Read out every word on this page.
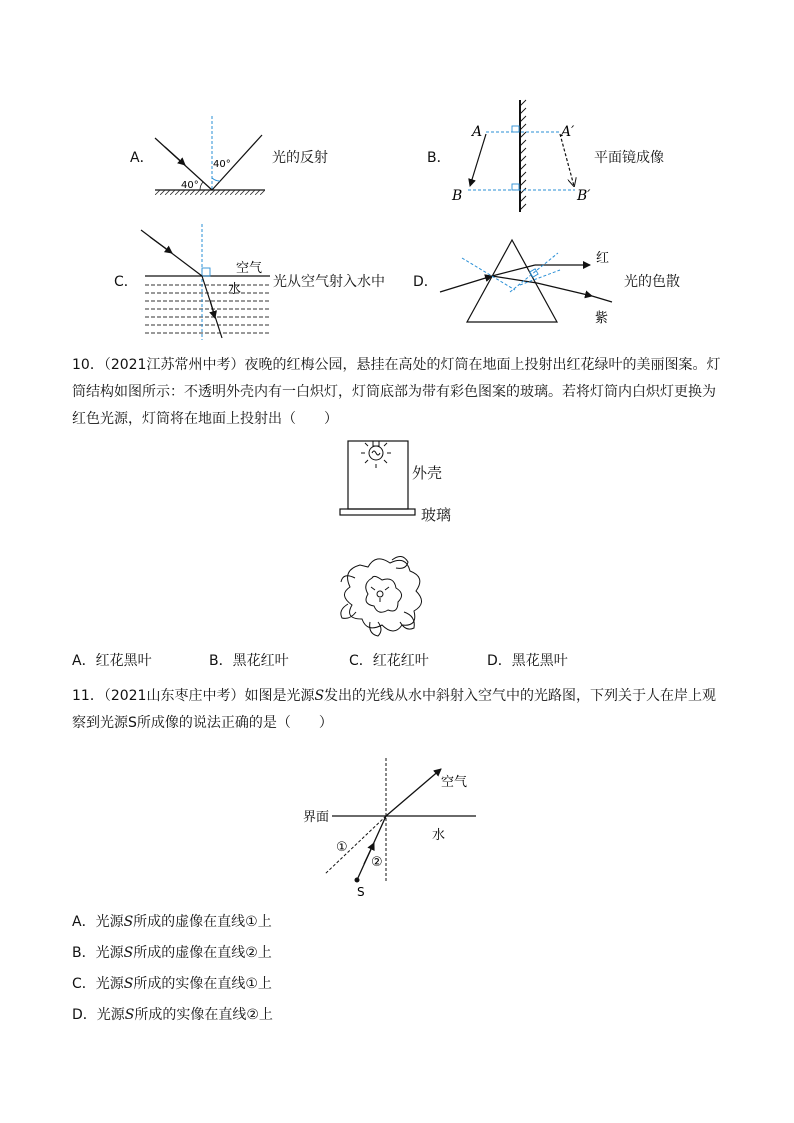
A．	40°
40°
A	A′
B	B′
空气
水
红
紫
界面
空气
水
①
②
S
光的反射	B．	平面镜成像
C．	光从空气射入水中 D．	光的色散
10．（2021江苏常州中考）夜晚的红梅公园，悬挂在高处的灯筒在地面上投射出红花绿叶的美丽图案。灯筒结构如图所示：不透明外壳内有一白炽灯，灯筒底部为带有彩色图案的玻璃。若将灯筒内白炽灯更换为红色光源，灯筒将在地面上投射出（　　）
外壳
玻璃
A．红花黑叶	B．黑花红叶	C．红花红叶	D．黑花黑叶
11．（2021山东枣庄中考）如图是光源S发出的光线从水中斜射入空气中的光路图，下列关于人在岸上观察到光源S所成像的说法正确的是（　　）
A．光源S所成的虚像在直线①上
B．光源S所成的虚像在直线②上
C．光源S所成的实像在直线①上
D．光源S所成的实像在直线②上
